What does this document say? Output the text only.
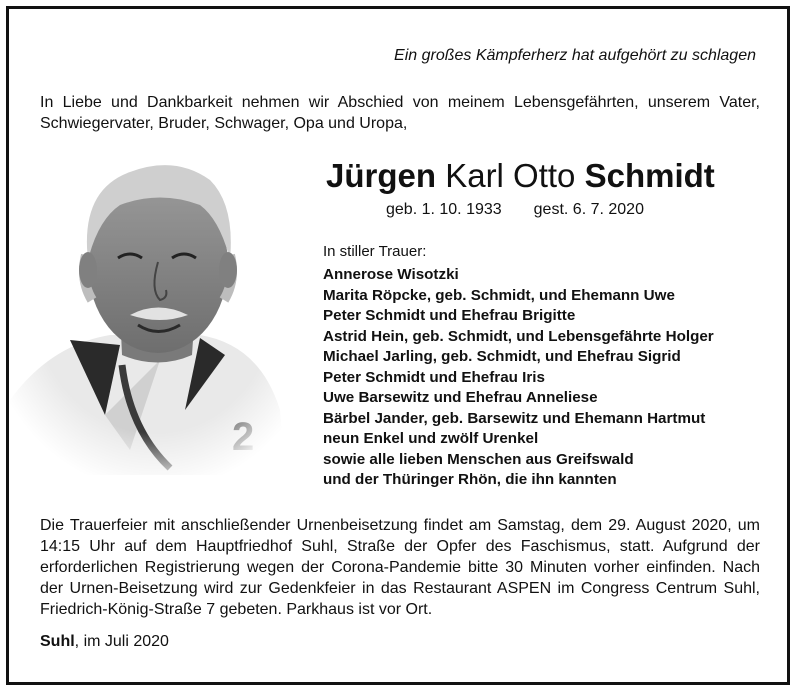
Ein großes Kämpferherz hat aufgehört zu schlagen
In Liebe und Dankbarkeit nehmen wir Abschied von meinem Lebensgefährten, unserem Vater, Schwiegervater, Bruder, Schwager, Opa und Uropa,
Jürgen Karl Otto Schmidt
geb. 1. 10. 1933 gest. 6. 7. 2020
In stiller Trauer:
Annerose Wisotzki
Marita Röpcke, geb. Schmidt, und Ehemann Uwe
Peter Schmidt und Ehefrau Brigitte
Astrid Hein, geb. Schmidt, und Lebensgefährte Holger
Michael Jarling, geb. Schmidt, und Ehefrau Sigrid
Peter Schmidt und Ehefrau Iris
Uwe Barsewitz und Ehefrau Anneliese
Bärbel Jander, geb. Barsewitz und Ehemann Hartmut
neun Enkel und zwölf Urenkel
sowie alle lieben Menschen aus Greifswald
und der Thüringer Rhön, die ihn kannten
Die Trauerfeier mit anschließender Urnenbeisetzung findet am Samstag, dem 29. August 2020, um 14:15 Uhr auf dem Hauptfriedhof Suhl, Straße der Opfer des Faschismus, statt. Aufgrund der erforderlichen Registrierung wegen der Corona-Pandemie bitte 30 Minuten vorher einfinden. Nach der Urnen-Beisetzung wird zur Gedenkfeier in das Restaurant ASPEN im Congress Centrum Suhl, Friedrich-König-Straße 7 gebeten. Parkhaus ist vor Ort.
Suhl, im Juli 2020
